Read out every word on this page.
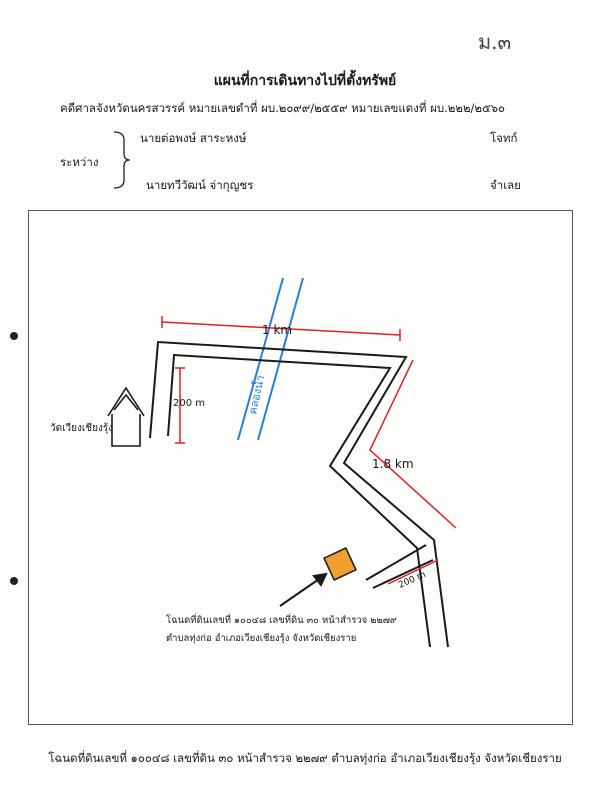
ม.๓
แผนที่การเดินทางไปที่ตั้งทรัพย์
คดีศาลจังหวัดนครสวรรค์ หมายเลขดำที่ ผบ.๒๐๙๙/๒๕๕๙ หมายเลขแดงที่ ผบ.๒๒๒/๒๕๖๐
นายต่อพงษ์ สาระหงษ์	โจทก์
ระหว่าง
นายทวีวัฒน์ จ่ากุญชร	จำเลย
คลองน้ำ
1 km
200 m
1.8 km
200 m
วัดเวียงเชียงรุ้ง
โฉนดที่ดินเลขที่ ๑๐๐๔๘ เลขที่ดิน ๓๐ หน้าสำรวจ ๒๒๗๙
ตำบลทุ่งก่อ อำเภอเวียงเชียงรุ้ง จังหวัดเชียงราย
โฉนดที่ดินเลขที่ ๑๐๐๔๘ เลขที่ดิน ๓๐ หน้าสำรวจ ๒๒๗๙ ตำบลทุ่งก่อ อำเภอเวียงเชียงรุ้ง จังหวัดเชียงราย
